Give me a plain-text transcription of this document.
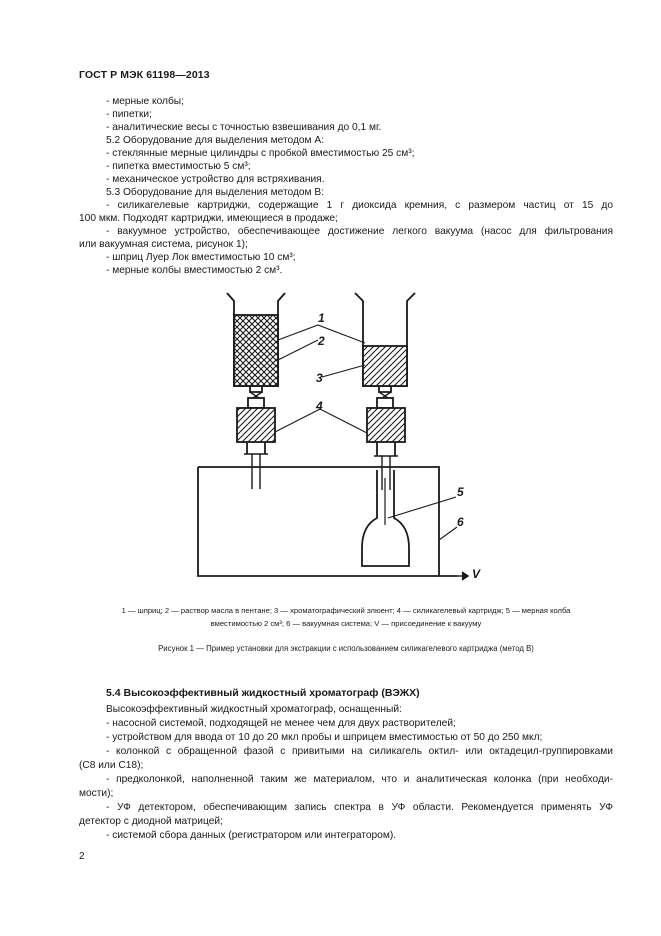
ГОСТ Р МЭК 61198—2013
- мерные колбы;
- пипетки;
- аналитические весы с точностью взвешивания до 0,1 мг.
5.2 Оборудование для выделения методом А:
- стеклянные мерные цилиндры с пробкой вместимостью 25 см³;
- пипетка вместимостью 5 см³;
- механическое устройство для встряхивания.
5.3 Оборудование для выделения методом В:
- силикагелевые картриджи, содержащие 1 г диоксида кремния, с размером частиц от 15 до
100 мкм. Подходят картриджи, имеющиеся в продаже;
- вакуумное устройство, обеспечивающее достижение легкого вакуума (насос для фильтрования
или вакуумная система, рисунок 1);
- шприц Луер Лок вместимостью 10 см³;
- мерные колбы вместимостью 2 см³.
1
2
3
4
5
6
V
1 — шприц; 2 — раствор масла в пентане; 3 — хроматографический элюент; 4 — силикагелевый картридж; 5 — мерная колба
вместимостью 2 см³; 6 — вакуумная система; V — присоединение к вакууму
Рисунок 1 — Пример установки для экстракции с использованием силикагелевого картриджа (метод В)
5.4 Высокоэффективный жидкостный хроматограф (ВЭЖХ)
Высокоэффективный жидкостный хроматограф, оснащенный:
- насосной системой, подходящей не менее чем для двух растворителей;
- устройством для ввода от 10 до 20 мкл пробы и шприцем вместимостью от 50 до 250 мкл;
- колонкой с обращенной фазой с привитыми на силикагель октил- или октадецил-группировками
(С8 или С18);
- предколонкой, наполненной таким же материалом, что и аналитическая колонка (при необходи-
мости);
- УФ детектором, обеспечивающим запись спектра в УФ области. Рекомендуется применять УФ
детектор с диодной матрицей;
- системой сбора данных (регистратором или интегратором).
2
